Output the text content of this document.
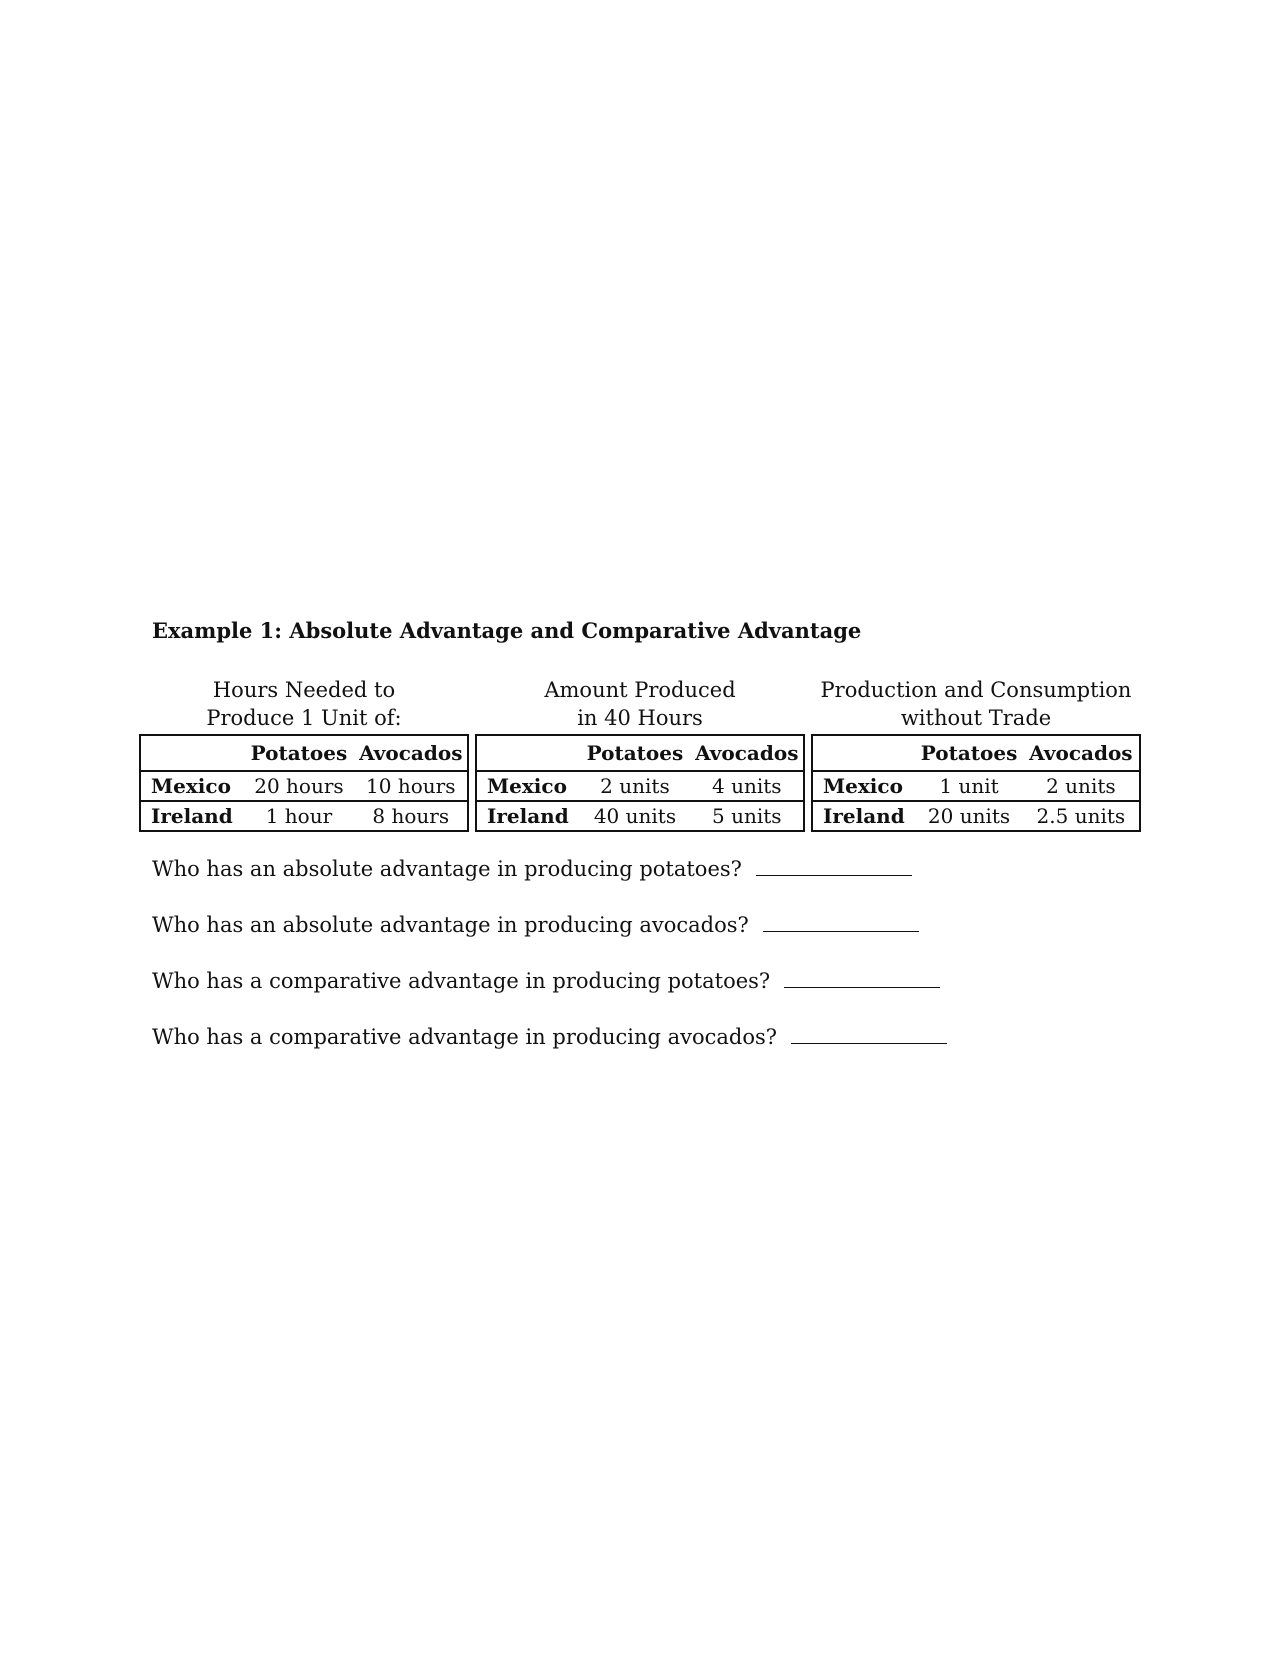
Example 1: Absolute Advantage and Comparative Advantage
Hours Needed to
Produce 1 Unit of:
	Potatoes	Avocados
Mexico	20 hours	10 hours
Ireland	1 hour	8 hours
Amount Produced
in 40 Hours
	Potatoes	Avocados
Mexico	2 units	4 units
Ireland	40 units	5 units
Production and Consumption
without Trade
	Potatoes	Avocados
Mexico	1 unit	2 units
Ireland	20 units	2.5 units
Who has an absolute advantage in producing potatoes?
Who has an absolute advantage in producing avocados?
Who has a comparative advantage in producing potatoes?
Who has a comparative advantage in producing avocados?
